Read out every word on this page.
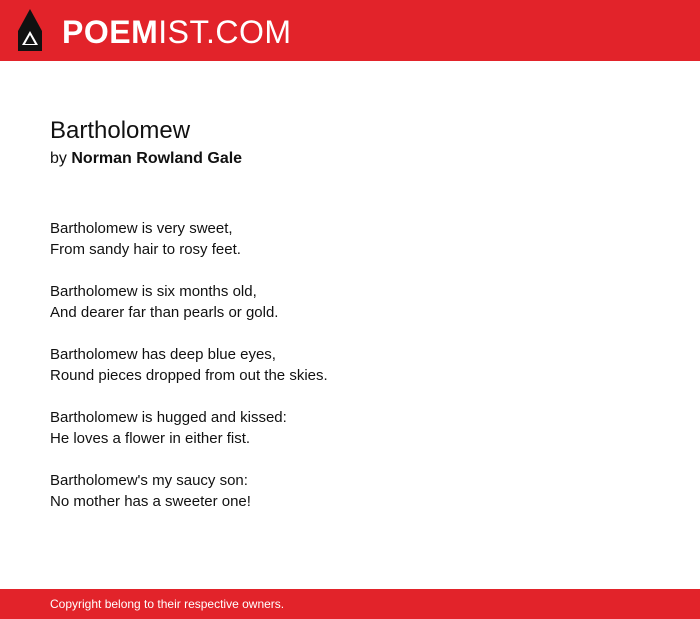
POEMIST.COM
Bartholomew

by Norman Rowland Gale

Bartholomew is very sweet,
From sandy hair to rosy feet.
Bartholomew is six months old,
And dearer far than pearls or gold.
Bartholomew has deep blue eyes,
Round pieces dropped from out the skies.
Bartholomew is hugged and kissed:
He loves a flower in either fist.
Bartholomew's my saucy son:
No mother has a sweeter one!
Copyright belong to their respective owners.
